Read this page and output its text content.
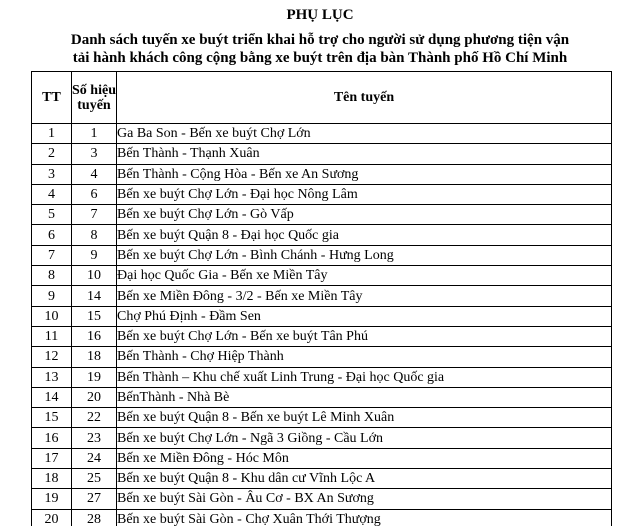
PHỤ LỤC
Danh sách tuyến xe buýt triển khai hỗ trợ cho người sử dụng phương tiện vận
tải hành khách công cộng bằng xe buýt trên địa bàn Thành phố Hồ Chí Minh
TT	Số hiệu tuyến	Tên tuyến
1	1	Ga Ba Son - Bến xe buýt Chợ Lớn
2	3	Bến Thành - Thạnh Xuân
3	4	Bến Thành - Cộng Hòa - Bến xe An Sương
4	6	Bến xe buýt Chợ Lớn - Đại học Nông Lâm
5	7	Bến xe buýt Chợ Lớn - Gò Vấp
6	8	Bến xe buýt Quận 8 - Đại học Quốc gia
7	9	Bến xe buýt Chợ Lớn - Bình Chánh - Hưng Long
8	10	Đại học Quốc Gia - Bến xe Miền Tây
9	14	Bến xe Miền Đông - 3/2 - Bến xe Miền Tây
10	15	Chợ Phú Định - Đầm Sen
11	16	Bến xe buýt Chợ Lớn - Bến xe buýt Tân Phú
12	18	Bến Thành - Chợ Hiệp Thành
13	19	Bến Thành – Khu chế xuất Linh Trung - Đại học Quốc gia
14	20	BếnThành - Nhà Bè
15	22	Bến xe buýt Quận 8 - Bến xe buýt Lê Minh Xuân
16	23	Bến xe buýt Chợ Lớn - Ngã 3 Giồng - Cầu Lớn
17	24	Bến xe Miền Đông - Hóc Môn
18	25	Bến xe buýt Quận 8 - Khu dân cư Vĩnh Lộc A
19	27	Bến xe buýt Sài Gòn - Âu Cơ - BX An Sương
20	28	Bến xe buýt Sài Gòn - Chợ Xuân Thới Thượng
